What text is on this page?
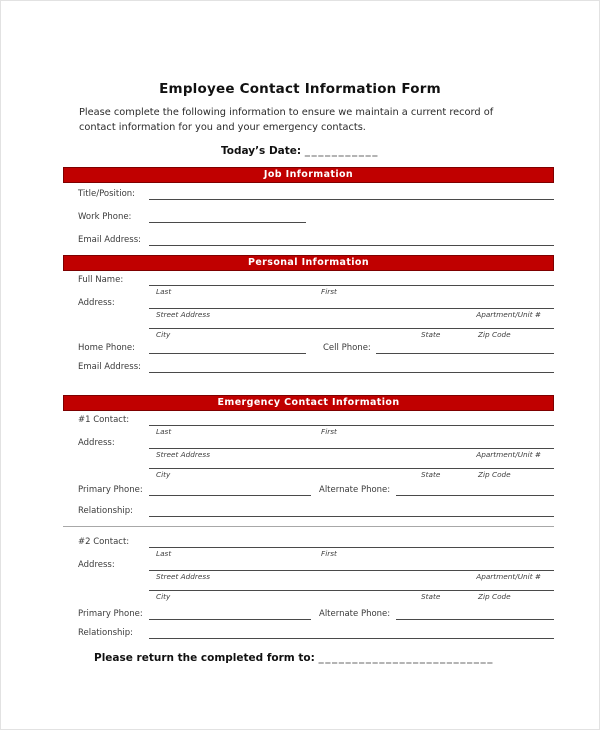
Employee Contact Information Form
Please complete the following information to ensure we maintain a current record of contact information for you and your emergency contacts.
Today’s Date: ___________
Job Information
Title/Position:
Work Phone:
Email Address:
Personal Information
Full Name:
Last	First
Address:
Street Address	Apartment/Unit #
City	State	Zip Code
Home Phone:	Cell Phone:
Email Address:
Emergency Contact Information
#1 Contact:
Last	First
Address:
Street Address	Apartment/Unit #
City	State	Zip Code
Primary Phone:	Alternate Phone:
Relationship:
#2 Contact:
Last	First
Address:
Street Address	Apartment/Unit #
City	State	Zip Code
Primary Phone:	Alternate Phone:
Relationship:
Please return the completed form to: __________________________
